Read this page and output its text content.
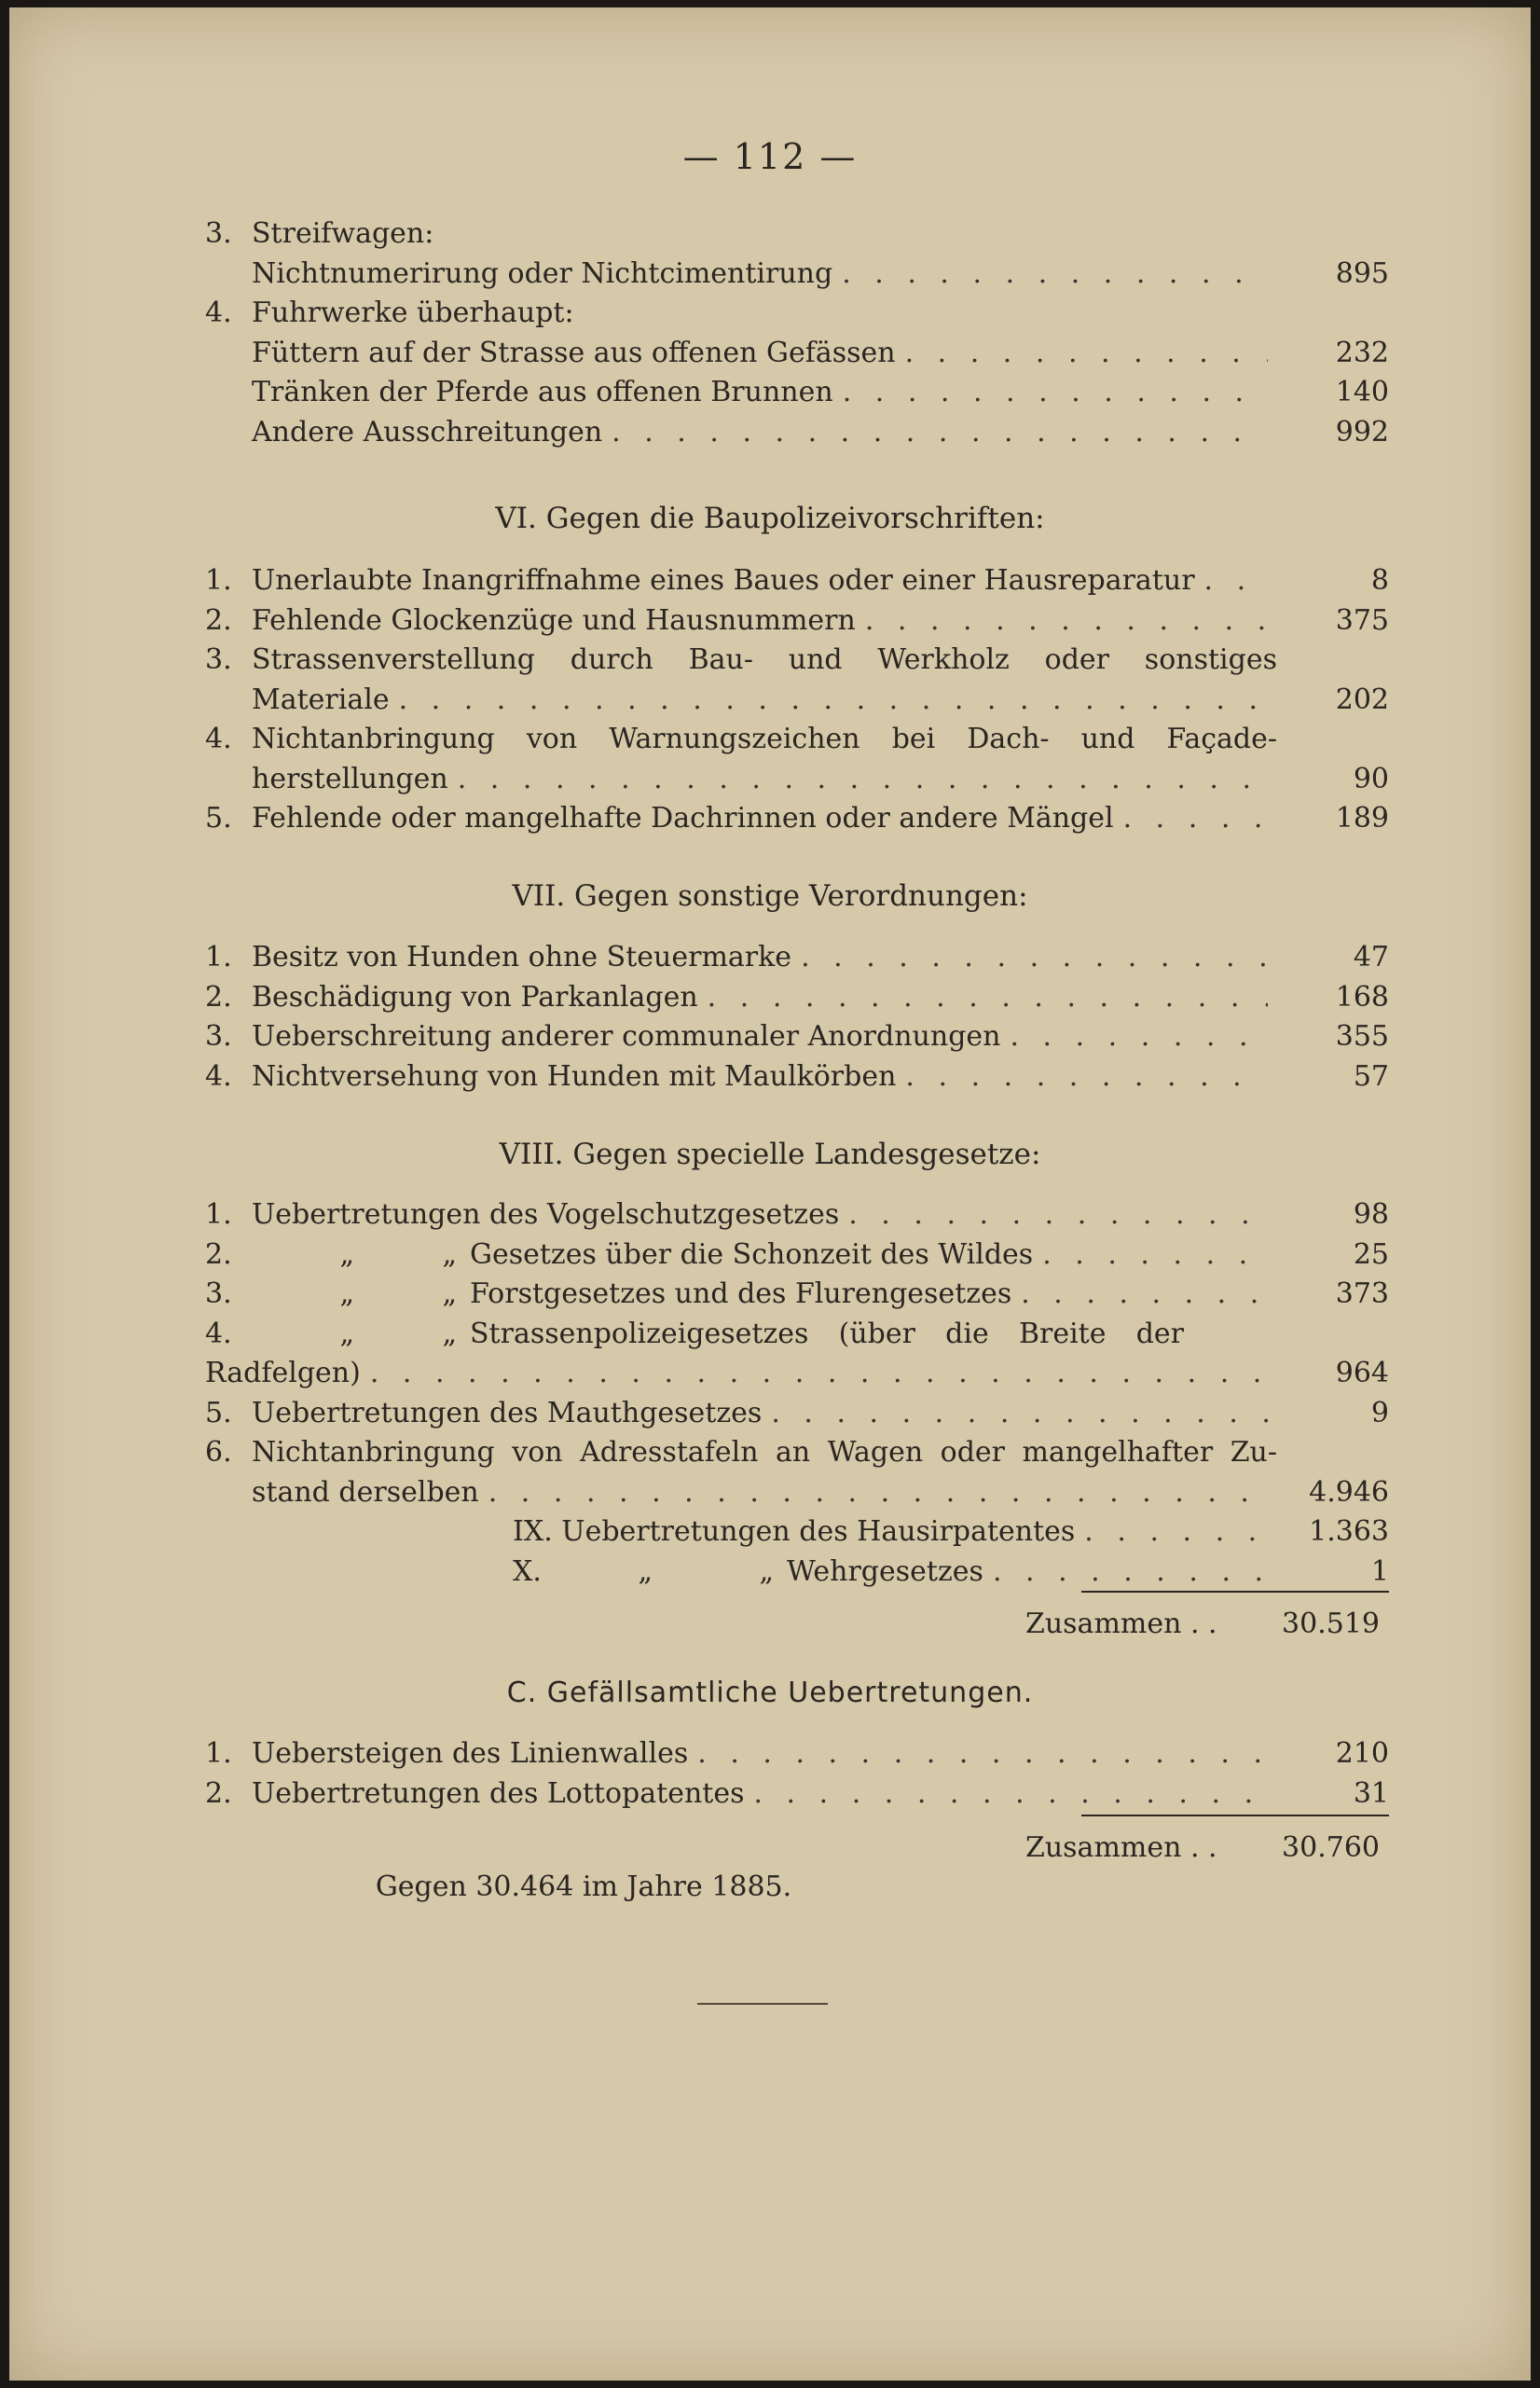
— 112 —
3. Streifwagen:
Nichtnumerirung oder Nichtcimentirung . . .	895
4. Fuhrwerke überhaupt:
Füttern auf der Strasse aus offenen Gefässen . . .	232
Tränken der Pferde aus offenen Brunnen . . .	140
Andere Ausschreitungen . . .	992
VI. Gegen die Baupolizeivorschriften:
1. Unerlaubte Inangriffnahme eines Baues oder einer Hausreparatur . . .	8
2. Fehlende Glockenzüge und Hausnummern . . .	375
3. Strassenverstellung durch Bau- und Werkholz oder sonstiges
Materiale . . .	202
4. Nichtanbringung von Warnungszeichen bei Dach- und Façade-
herstellungen . . .	90
5. Fehlende oder mangelhafte Dachrinnen oder andere Mängel . . .	189
VII. Gegen sonstige Verordnungen:
1. Besitz von Hunden ohne Steuermarke . . .	47
2. Beschädigung von Parkanlagen . . .	168
3. Ueberschreitung anderer communaler Anordnungen . . .	355
4. Nichtversehung von Hunden mit Maulkörben . . .	57
VIII. Gegen specielle Landesgesetze:
1. Uebertretungen des Vogelschutzgesetzes . . .	98
2.	„	„ Gesetzes über die Schonzeit des Wildes . . .	25
3.	„	„ Forstgesetzes und des Flurengesetzes . . .	373
4.	„	„ Strassenpolizeigesetzes (über die Breite der
Radfelgen) . . .	964
5. Uebertretungen des Mauthgesetzes . . .	9
6. Nichtanbringung von Adresstafeln an Wagen oder mangelhafter Zu-
stand derselben . . .	4.946
IX. Uebertretungen des Hausirpatentes . . .	1.363
X.	„	„ Wehrgesetzes . . .	1
Zusammen . .	30.519
C. Gefällsamtliche Uebertretungen.
1. Uebersteigen des Linienwalles . . .	210
2. Uebertretungen des Lottopatentes . . .	31
Zusammen . .	30.760
Gegen 30.464 im Jahre 1885.
